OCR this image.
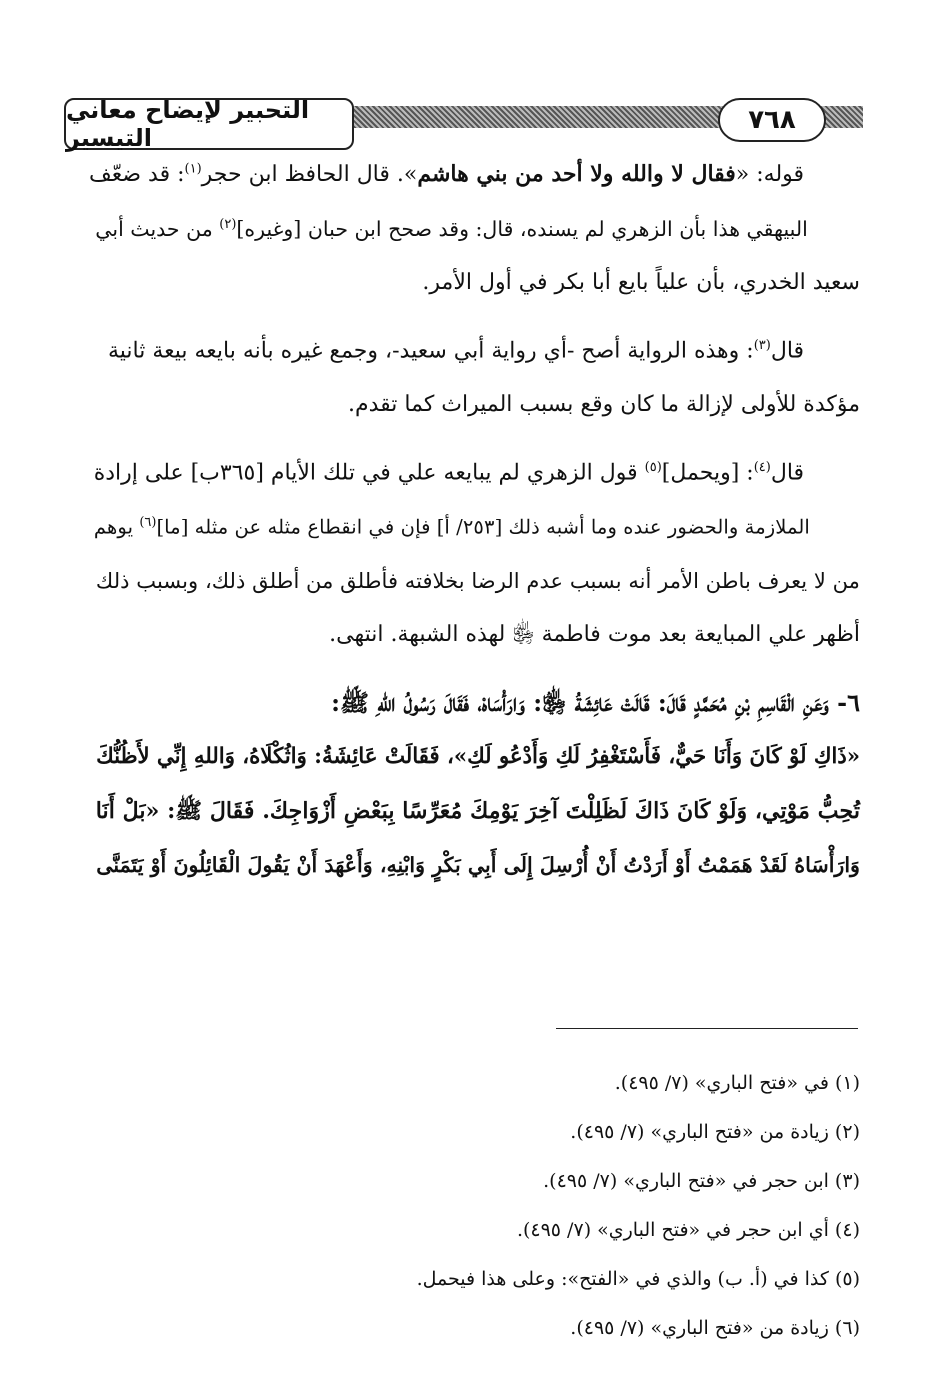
التحبير لإيضاح معاني التيسير
٧٦٨

قوله: «فقال لا والله ولا أحد من بني هاشم». قال الحافظ ابن حجر$^{(١)}$: قد ضعّف

البيهقي هذا بأن الزهري لم يسنده، قال: وقد صحح ابن حبان [وغيره]$^{(٢)}$ من حديث أبي

سعيد الخدري، بأن علياً بايع أبا بكر في أول الأمر.

قال$^{(٣)}$: وهذه الرواية أصح -أي رواية أبي سعيد-، وجمع غيره بأنه بايعه بيعة ثانية

مؤكدة للأولى لإزالة ما كان وقع بسبب الميراث كما تقدم.

قال$^{(٤)}$: [ويحمل]$^{(٥)}$ قول الزهري لم يبايعه علي في تلك الأيام [٣٦٥ب] على إرادة

الملازمة والحضور عنده وما أشبه ذلك [٢٥٣/ أ] فإن في انقطاع مثله عن مثله [ما]$^{(٦)}$ يوهم

من لا يعرف باطن الأمر أنه بسبب عدم الرضا بخلافته فأطلق من أطلق ذلك، وبسبب ذلك
أظهر علي المبايعة بعد موت فاطمة ﵂ لهذه الشبهة. انتهى.
٦- وَعَنِ الْقَاسِمِ بْنِ مُحَمَّدٍ قَالَ: قَالَتْ عَائِشَةُ ﵂: وَارَأْسَاهْ، فَقَالَ رَسُولُ اللهِ ﷺ:
«ذَاكِ لَوْ كَانَ وَأَنَا حَيٌّ، فَأَسْتَغْفِرُ لَكِ وَأَدْعُو لَكِ»، فَقَالَتْ عَائِشَةُ: وَاثُكْلَاهُ، وَاللهِ إِنِّي لأَظُنُّكَ
تُحِبُّ مَوْتِي، وَلَوْ كَانَ ذَاكَ لَظَلِلْتَ آخِرَ يَوْمِكَ مُعَرِّسًا بِبَعْضِ أَزْوَاجِكَ. فَقَالَ ﷺ: «بَلْ أَنَا
وَارَأْسَاهُ لَقَدْ هَمَمْتُ أَوْ أَرَدْتُ أَنْ أُرْسِلَ إِلَى أَبِي بَكْرٍ وَابْنِهِ، وَأَعْهَدَ أَنْ يَقُولَ الْقَائِلُونَ أَوْ يَتَمَنَّى
(١) في «فتح الباري» (٧/ ٤٩٥).
(٢) زيادة من «فتح الباري» (٧/ ٤٩٥).
(٣) ابن حجر في «فتح الباري» (٧/ ٤٩٥).
(٤) أي ابن حجر في «فتح الباري» (٧/ ٤٩٥).
(٥) كذا في (أ. ب) والذي في «الفتح»: وعلى هذا فيحمل.
(٦) زيادة من «فتح الباري» (٧/ ٤٩٥).
